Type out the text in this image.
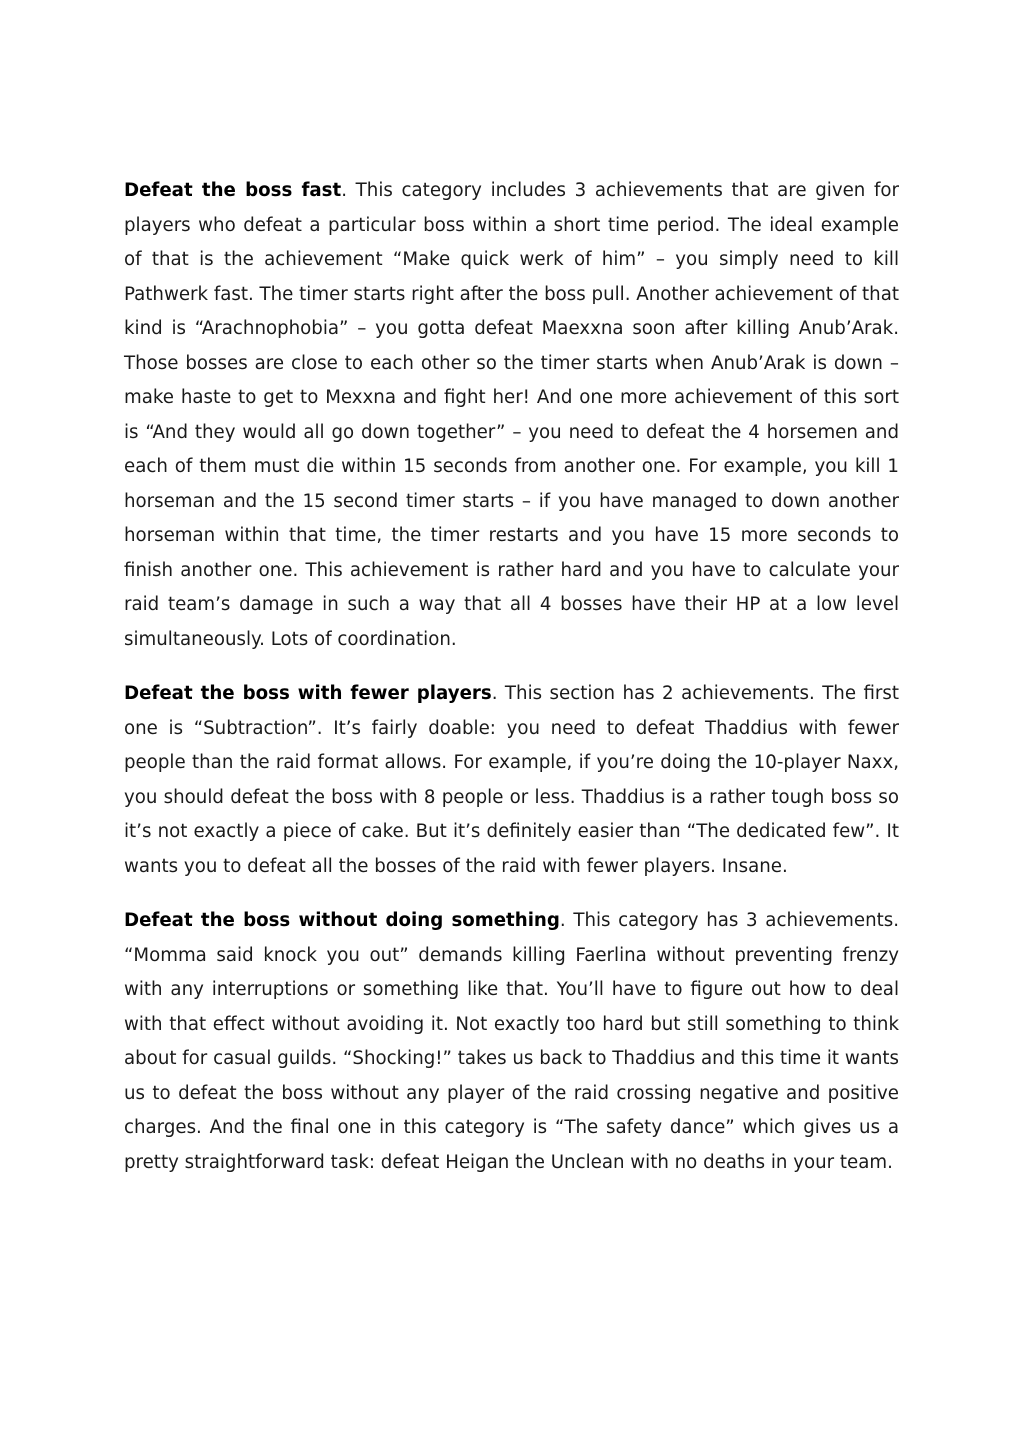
Defeat the boss fast. This category includes 3 achievements that are given for players who defeat a particular boss within a short time period. The ideal example of that is the achievement “Make quick werk of him” – you simply need to kill Pathwerk fast. The timer starts right after the boss pull. Another achievement of that kind is “Arachnophobia” – you gotta defeat Maexxna soon after killing Anub’Arak. Those bosses are close to each other so the timer starts when Anub’Arak is down – make haste to get to Mexxna and fight her! And one more achievement of this sort is “And they would all go down together” – you need to defeat the 4 horsemen and each of them must die within 15 seconds from another one. For example, you kill 1 horseman and the 15 second timer starts – if you have managed to down another horseman within that time, the timer restarts and you have 15 more seconds to finish another one. This achievement is rather hard and you have to calculate your raid team’s damage in such a way that all 4 bosses have their HP at a low level simultaneously. Lots of coordination.

Defeat the boss with fewer players. This section has 2 achievements. The first one is “Subtraction”. It’s fairly doable: you need to defeat Thaddius with fewer people than the raid format allows. For example, if you’re doing the 10-player Naxx, you should defeat the boss with 8 people or less. Thaddius is a rather tough boss so it’s not exactly a piece of cake. But it’s definitely easier than “The dedicated few”. It wants you to defeat all the bosses of the raid with fewer players. Insane.

Defeat the boss without doing something. This category has 3 achievements. “Momma said knock you out” demands killing Faerlina without preventing frenzy with any interruptions or something like that. You’ll have to figure out how to deal with that effect without avoiding it. Not exactly too hard but still something to think about for casual guilds. “Shocking!” takes us back to Thaddius and this time it wants us to defeat the boss without any player of the raid crossing negative and positive charges. And the final one in this category is “The safety dance” which gives us a pretty straightforward task: defeat Heigan the Unclean with no deaths in your team.
